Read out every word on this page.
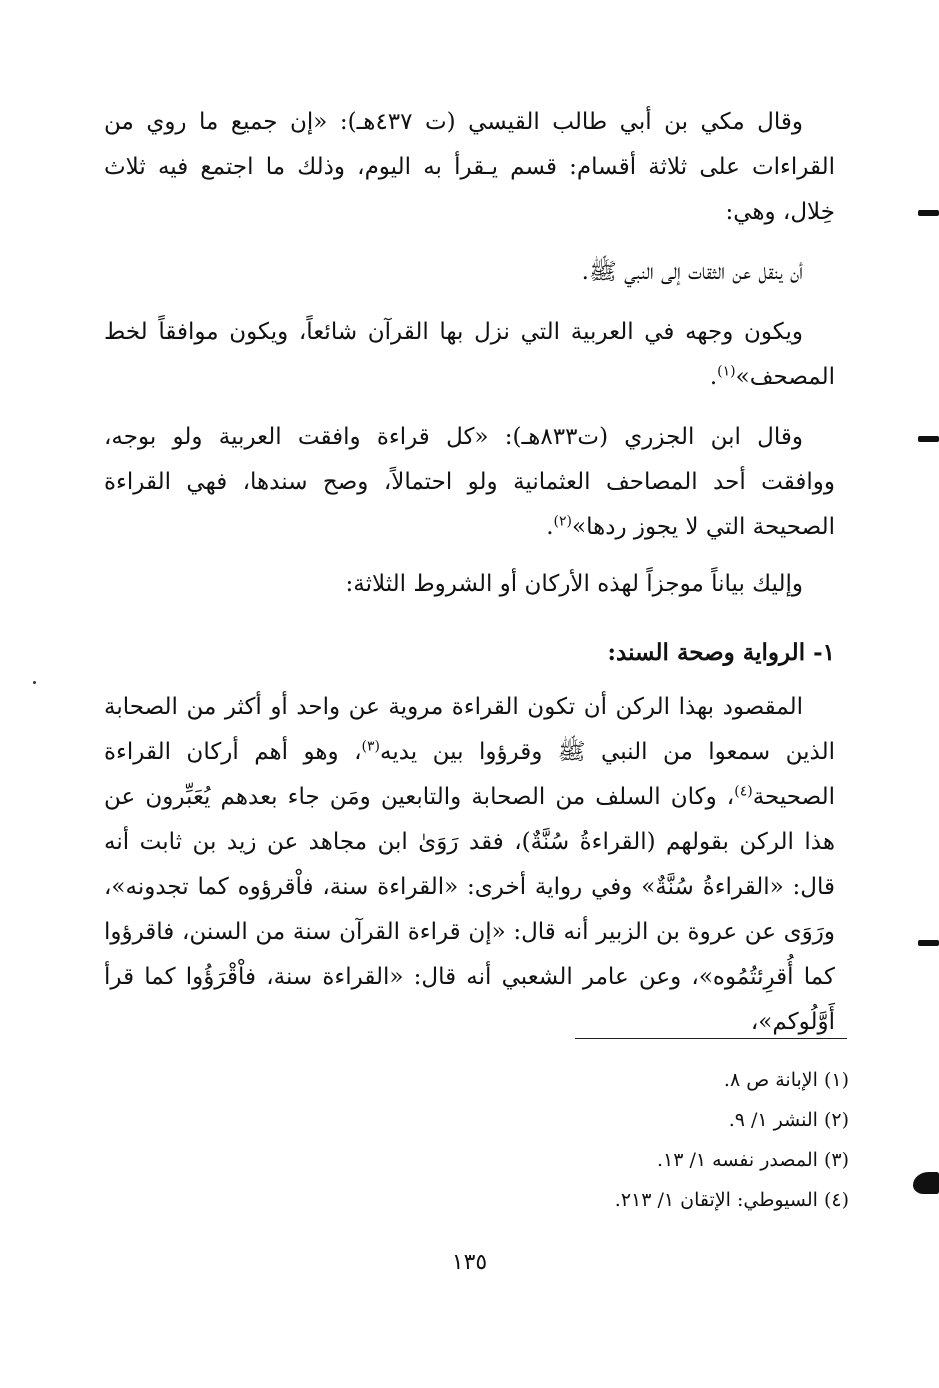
وقال مكي بن أبي طالب القيسي (ت ٤٣٧هـ): «إن جميع ما روي من القراءات على ثلاثة أقسام: قسم يـقرأ به اليوم، وذلك ما اجتمع فيه ثلاث خِلال، وهي:
أن ينقل عن الثقات إلى النبي ﷺ.
ويكون وجهه في العربية التي نزل بها القرآن شائعاً، ويكون موافقاً لخط المصحف»$^{(١)}$.
وقال ابن الجزري (ت٨٣٣هـ): «كل قراءة وافقت العربية ولو بوجه، ووافقت أحد المصاحف العثمانية ولو احتمالاً، وصح سندها، فهي القراءة الصحيحة التي لا يجوز ردها»$^{(٢)}$.
وإليك بياناً موجزاً لهذه الأركان أو الشروط الثلاثة:
١- الرواية وصحة السند:
المقصود بهذا الركن أن تكون القراءة مروية عن واحد أو أكثر من الصحابة الذين سمعوا من النبي ﷺ وقرؤوا بين يديه$^{(٣)}$، وهو أهم أركان القراءة الصحيحة$^{(٤)}$، وكان السلف من الصحابة والتابعين ومَن جاء بعدهم يُعَبِّرون عن هذا الركن بقولهم (القراءةُ سُنَّةٌ)، فقد رَوَىٰ ابن مجاهد عن زيد بن ثابت أنه قال: «القراءةُ سُنَّةٌ» وفي رواية أخرى: «القراءة سنة، فاْقرؤوه كما تجدونه»، ورَوَى عن عروة بن الزبير أنه قال: «إن قراءة القرآن سنة من السنن، فاقرؤوا كما أُقرِئتُمُوه»، وعن عامر الشعبي أنه قال: «القراءة سنة، فاْقْرَؤُوا كما قرأ أَوَّلُوكم»،
(١) الإبانة ص ٨.
(٢) النشر ١/ ٩.
(٣) المصدر نفسه ١/ ١٣.
(٤) السيوطي: الإتقان ١/ ٢١٣.
١٣٥
